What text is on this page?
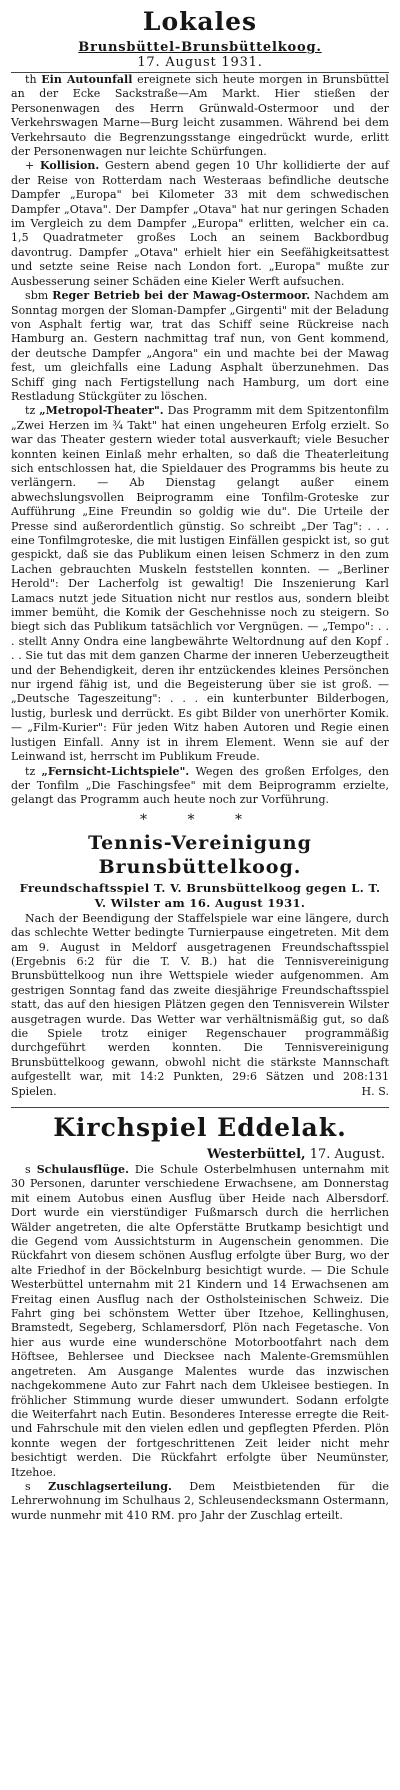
Lokales
Brunsbüttel-Brunsbüttelkoog.
17. August 1931.

th Ein Autounfall ereignete sich heute morgen in Brunsbüttel an der Ecke Sackstraße—Am Markt. Hier stießen der Personenwagen des Herrn Grünwald-Ostermoor und der Verkehrswagen Marne—Burg leicht zusammen. Während bei dem Verkehrsauto die Begrenzungsstange eingedrückt wurde, erlitt der Personenwagen nur leichte Schürfungen.

+ Kollision. Gestern abend gegen 10 Uhr kollidierte der auf der Reise von Rotterdam nach Westeraas befindliche deutsche Dampfer „Europa" bei Kilometer 33 mit dem schwedischen Dampfer „Otava". Der Dampfer „Otava" hat nur geringen Schaden im Vergleich zu dem Dampfer „Europa" erlitten, welcher ein ca. 1,5 Quadratmeter großes Loch an seinem Backbordbug davontrug. Dampfer „Otava" erhielt hier ein Seefähigkeitsattest und setzte seine Reise nach London fort. „Europa" mußte zur Ausbesserung seiner Schäden eine Kieler Werft aufsuchen.

sbm Reger Betrieb bei der Mawag-Ostermoor. Nachdem am Sonntag morgen der Sloman-Dampfer „Girgenti" mit der Beladung von Asphalt fertig war, trat das Schiff seine Rückreise nach Hamburg an. Gestern nachmittag traf nun, von Gent kommend, der deutsche Dampfer „Angora" ein und machte bei der Mawag fest, um gleichfalls eine Ladung Asphalt überzunehmen. Das Schiff ging nach Fertigstellung nach Hamburg, um dort eine Restladung Stückgüter zu löschen.

tz „Metropol-Theater". Das Programm mit dem Spitzentonfilm „Zwei Herzen im ¾ Takt" hat einen ungeheuren Erfolg erzielt. So war das Theater gestern wieder total ausverkauft; viele Besucher konnten keinen Einlaß mehr erhalten, so daß die Theaterleitung sich entschlossen hat, die Spieldauer des Programms bis heute zu verlängern. — Ab Dienstag gelangt außer einem abwechslungsvollen Beiprogramm eine Tonfilm-Groteske zur Aufführung „Eine Freundin so goldig wie du". Die Urteile der Presse sind außerordentlich günstig. So schreibt „Der Tag": . . . eine Tonfilmgroteske, die mit lustigen Einfällen gespickt ist, so gut gespickt, daß sie das Publikum einen leisen Schmerz in den zum Lachen gebrauchten Muskeln feststellen konnten. — „Berliner Herold": Der Lacherfolg ist gewaltig! Die Inszenierung Karl Lamacs nutzt jede Situation nicht nur restlos aus, sondern bleibt immer bemüht, die Komik der Geschehnisse noch zu steigern. So biegt sich das Publikum tatsächlich vor Vergnügen. — „Tempo": . . . stellt Anny Ondra eine langbewährte Weltordnung auf den Kopf . . . Sie tut das mit dem ganzen Charme der inneren Ueberzeugtheit und der Behendigkeit, deren ihr entzückendes kleines Persönchen nur irgend fähig ist, und die Begeisterung über sie ist groß. — „Deutsche Tageszeitung": . . . ein kunterbunter Bilderbogen, lustig, burlesk und derrückt. Es gibt Bilder von unerhörter Komik. — „Film-Kurier": Für jeden Witz haben Autoren und Regie einen lustigen Einfall. Anny ist in ihrem Element. Wenn sie auf der Leinwand ist, herrscht im Publikum Freude.

tz „Fernsicht-Lichtspiele". Wegen des großen Erfolges, den der Tonfilm „Die Faschingsfee" mit dem Beiprogramm erzielte, gelangt das Programm auch heute noch zur Vorführung.

* * *
Tennis-Vereinigung Brunsbüttelkoog.
Freundschaftsspiel T. V. Brunsbüttelkoog gegen L. T. V. Wilster am 16. August 1931.

Nach der Beendigung der Staffelspiele war eine längere, durch das schlechte Wetter bedingte Turnierpause eingetreten. Mit dem am 9. August in Meldorf ausgetragenen Freundschaftsspiel (Ergebnis 6:2 für die T. V. B.) hat die Tennisvereinigung Brunsbüttelkoog nun ihre Wettspiele wieder aufgenommen. Am gestrigen Sonntag fand das zweite diesjährige Freundschaftsspiel statt, das auf den hiesigen Plätzen gegen den Tennisverein Wilster ausgetragen wurde. Das Wetter war verhältnismäßig gut, so daß die Spiele trotz einiger Regenschauer programmäßig durchgeführt werden konnten. Die Tennisvereinigung Brunsbüttelkoog gewann, obwohl nicht die stärkste Mannschaft aufgestellt war, mit 14:2 Punkten, 29:6 Sätzen und 208:131 Spielen.	H. S.

Kirchspiel Eddelak.
Westerbüttel, 17. August.

s Schulausflüge. Die Schule Osterbelmhusen unternahm mit 30 Personen, darunter verschiedene Erwachsene, am Donnerstag mit einem Autobus einen Ausflug über Heide nach Albersdorf. Dort wurde ein vierstündiger Fußmarsch durch die herrlichen Wälder angetreten, die alte Opferstätte Brutkamp besichtigt und die Gegend vom Aussichtsturm in Augenschein genommen. Die Rückfahrt von diesem schönen Ausflug erfolgte über Burg, wo der alte Friedhof in der Böckelnburg besichtigt wurde. — Die Schule Westerbüttel unternahm mit 21 Kindern und 14 Erwachsenen am Freitag einen Ausflug nach der Ostholsteinischen Schweiz. Die Fahrt ging bei schönstem Wetter über Itzehoe, Kellinghusen, Bramstedt, Segeberg, Schlamersdorf, Plön nach Fegetasche. Von hier aus wurde eine wunderschöne Motorbootfahrt nach dem Höftsee, Behlersee und Diecksee nach Malente-Gremsmühlen angetreten. Am Ausgange Malentes wurde das inzwischen nachgekommene Auto zur Fahrt nach dem Ukleisee bestiegen. In fröhlicher Stimmung wurde dieser umwundert. Sodann erfolgte die Weiterfahrt nach Eutin. Besonderes Interesse erregte die Reit- und Fahrschule mit den vielen edlen und gepflegten Pferden. Plön konnte wegen der fortgeschrittenen Zeit leider nicht mehr besichtigt werden. Die Rückfahrt erfolgte über Neumünster, Itzehoe.

s Zuschlagserteilung. Dem Meistbietenden für die Lehrerwohnung im Schulhaus 2, Schleusendecksmann Ostermann, wurde nunmehr mit 410 RM. pro Jahr der Zuschlag erteilt.
